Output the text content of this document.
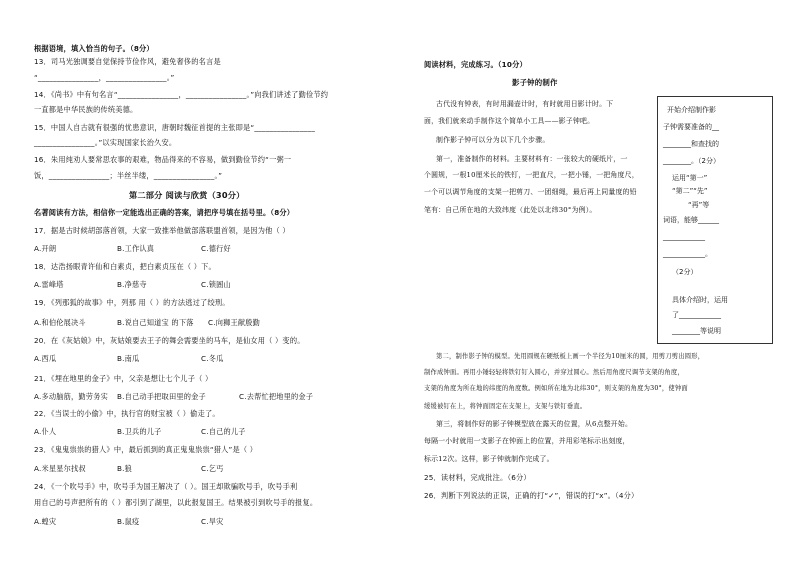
根据语境，填入恰当的句子。（8分）
13．司马光独调要自觉保持节俭作风，避免奢侈的名言是
“________________，________________。”
14．《尚书》中有句名言“________________，________________。”向我们讲述了勤俭节约
一直都是中华民族的传统美德。
15．中国人自古就有很强的忧患意识，唐朝时魏征首提的主张即是“________________
________________。”以实现国家长治久安。
16．朱用纯劝人要常思农事的艰难，物品得来的不容易，做到勤俭节约“一粥一
饭，________________；半丝半缕，________________。”
第二部分 阅读与欣赏（30分）
名著阅读有方法，相信你一定能选出正确的答案，请把序号填在括号里。（8分）
17．据是古时候胡部落首领，大家一致推举他做部落联盟首领，是因为他（ ）
A.开朗	B.工作认真	C.德行好
18．达浩扬眼青许仙和白素贞，把白素贞压在（ ）下。
A.雷峰塔	B.净慈寺	C.锁圄山
19．《列那狐的故事》中，列那 用（ ）的方法逃过了绞刑。
A.和伯伦展决斗	B.说自己知道宝 的下落 C.向狮王献殷勤
20．在《灰姑娘》中，灰姑娘要去王子的舞会需要坐的马车，是仙女用（ ）变的。
A.西瓜	B.南瓜	C.冬瓜
21．《埋在地里的金子》中，父亲是想让七个儿子（ ）
A.多动脑筋，勤劳务实 B.自己动手把取田里的金子	C.去帮忙把地里的金子
22．《当误士的小偷》中，执行官的财宝被（ ）偷走了。
A.仆人	B.卫兵的儿子	C.自己的儿子
23．《鬼鬼祟祟的猎人》中，最后抓到的真正鬼鬼祟祟“猎人”是（ ）
A.米星星尔找叔	B.狼	C.乞丐
24．《一个吹号手》中，吹号手为国王解决了（ ）。国王却欺骗吹号手，吹号手利
用自己的号声把所有的（ ）都引到了湖里，以此报复国王。结果被引到吹号手的报复。
A.蝗灾	B.鼠疫	C.旱灾
阅读材料，完成练习。（10分）
影子钟的制作
古代没有钟表，有时用漏壶计时，有时就用日影计时。下
面，我们就来动手制作这个简单小工具——影子钟吧。
制作影子钟可以分为以下几个步骤。
第一，准备制作的材料。主要材料有：一张较大的硬纸片，一
个圆规，一根10厘米长的铁钉，一把直尺，一把小锤，一把角度尺，
一个可以调节角度的支架一把剪刀、一团细绳，最后再上同量度的铅
笔有：自己所在地的大致纬度（此处以北纬30°为例）。
第二，制作影子钟的模型。先用圆规在硬纸板上画一个半径为10厘米的圆，用剪刀剪出圆形，
制作成钟面。再用小锤轻轻将铁钉钉入圆心，并穿过圆心。然后用角度尺调节支架的角度，
支架的角度为所在地的纬度的角度数。例如所在地为北纬30°，则支架的角度为30°，使钟面
缓缓被钉在上，将钟面固定在支架上，支架与铁钉垂直。
第三，将制作好的影子钟模型放在露天的位置，从6点整开始。
每隔一小时就用一支影子在钟面上的位置，并用彩笔标示出刻度，
标示12次。这样，影子钟就制作完成了。
25．读材料，完成批注。（6分）
26．判断下列说法的正误，正确的打“✓”，错误的打“x”。（4分）
开始介绍制作影
子钟需要准备的__
________和查找的
________。（2分）
运用“第一”
“第二”“先”
“再”等
词语，能够______
____________
____________。
（2分）
具体介绍时，运用
了____________
________等说明
